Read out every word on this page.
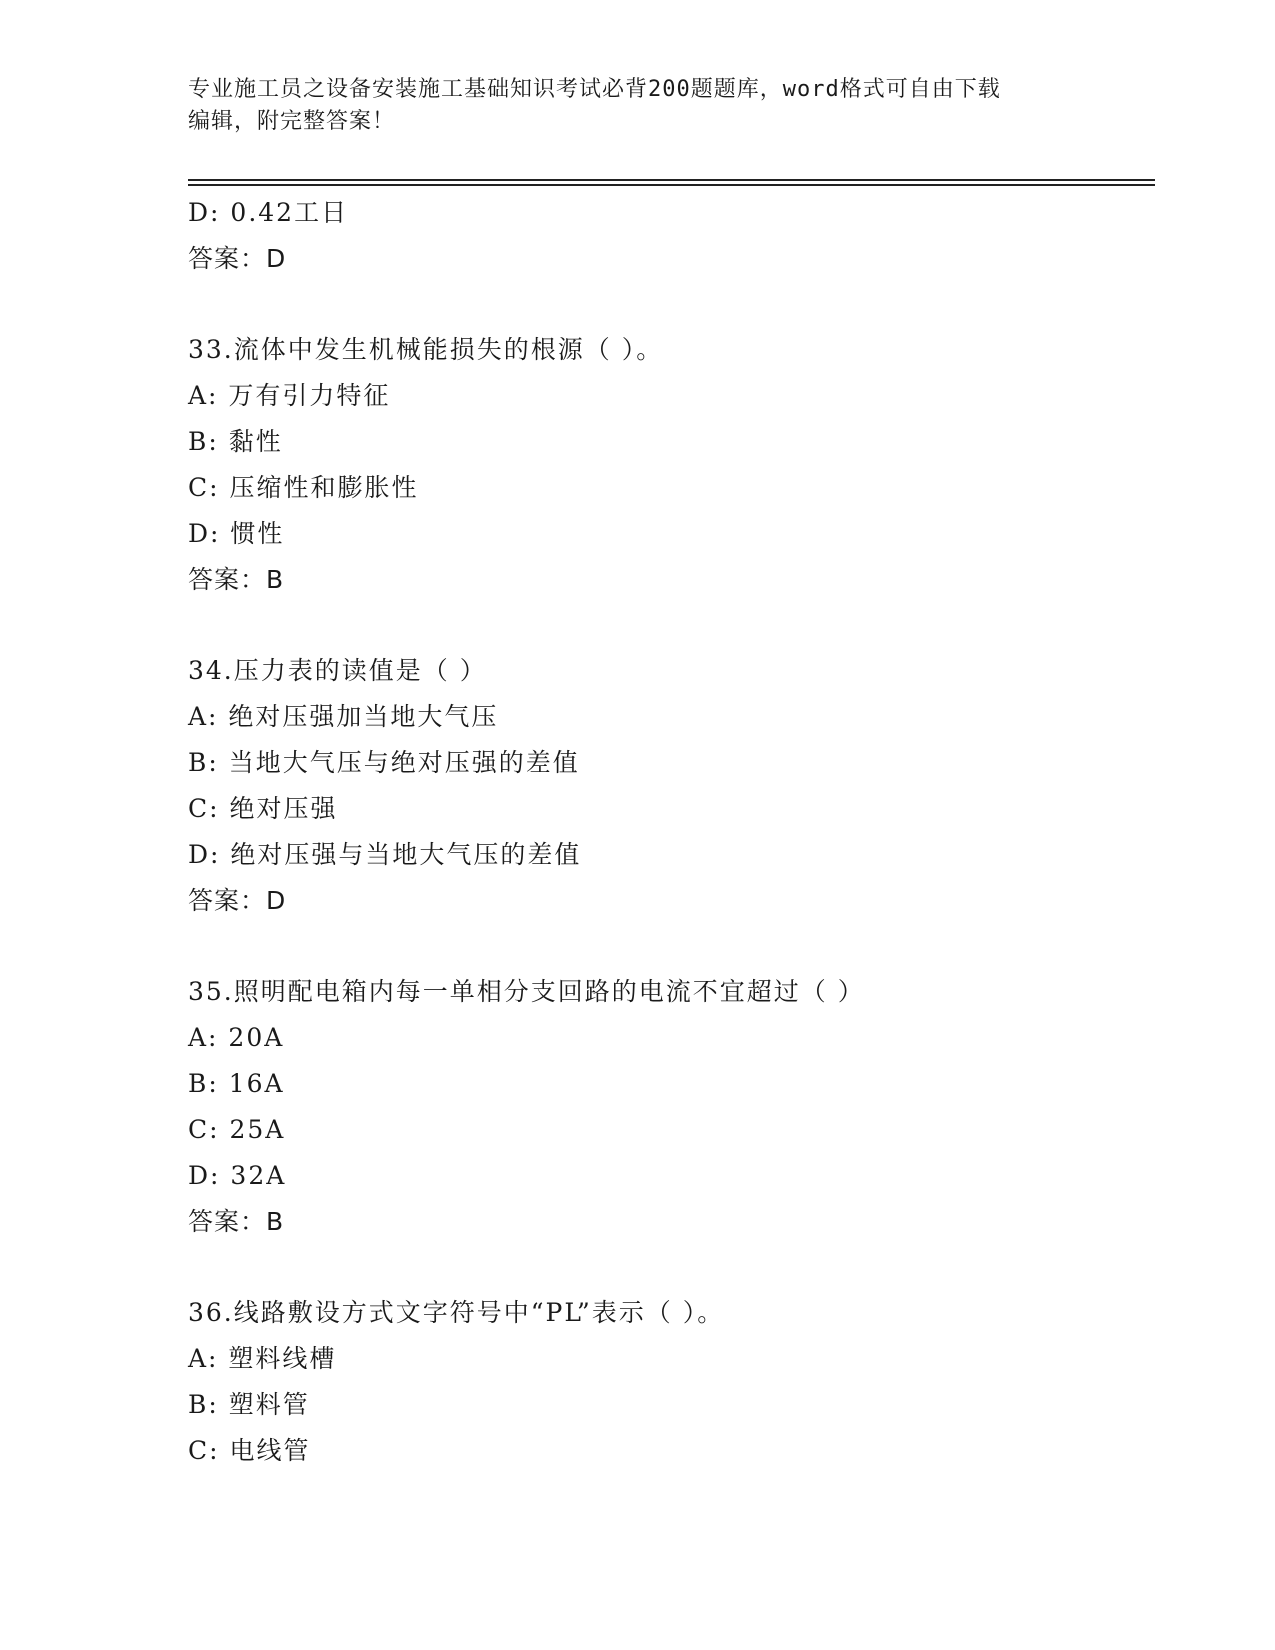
专业施工员之设备安装施工基础知识考试必背200题题库，word格式可自由下载
编辑，附完整答案！
D: 0.42工日
答案：D
33.流体中发生机械能损失的根源（ ）。
A: 万有引力特征
B: 黏性
C: 压缩性和膨胀性
D: 惯性
答案：B
34.压力表的读值是（ ）
A: 绝对压强加当地大气压
B: 当地大气压与绝对压强的差值
C: 绝对压强
D: 绝对压强与当地大气压的差值
答案：D
35.照明配电箱内每一单相分支回路的电流不宜超过（ ）
A: 20A
B: 16A
C: 25A
D: 32A
答案：B
36.线路敷设方式文字符号中“PL”表示（ ）。
A: 塑料线槽
B: 塑料管
C: 电线管
